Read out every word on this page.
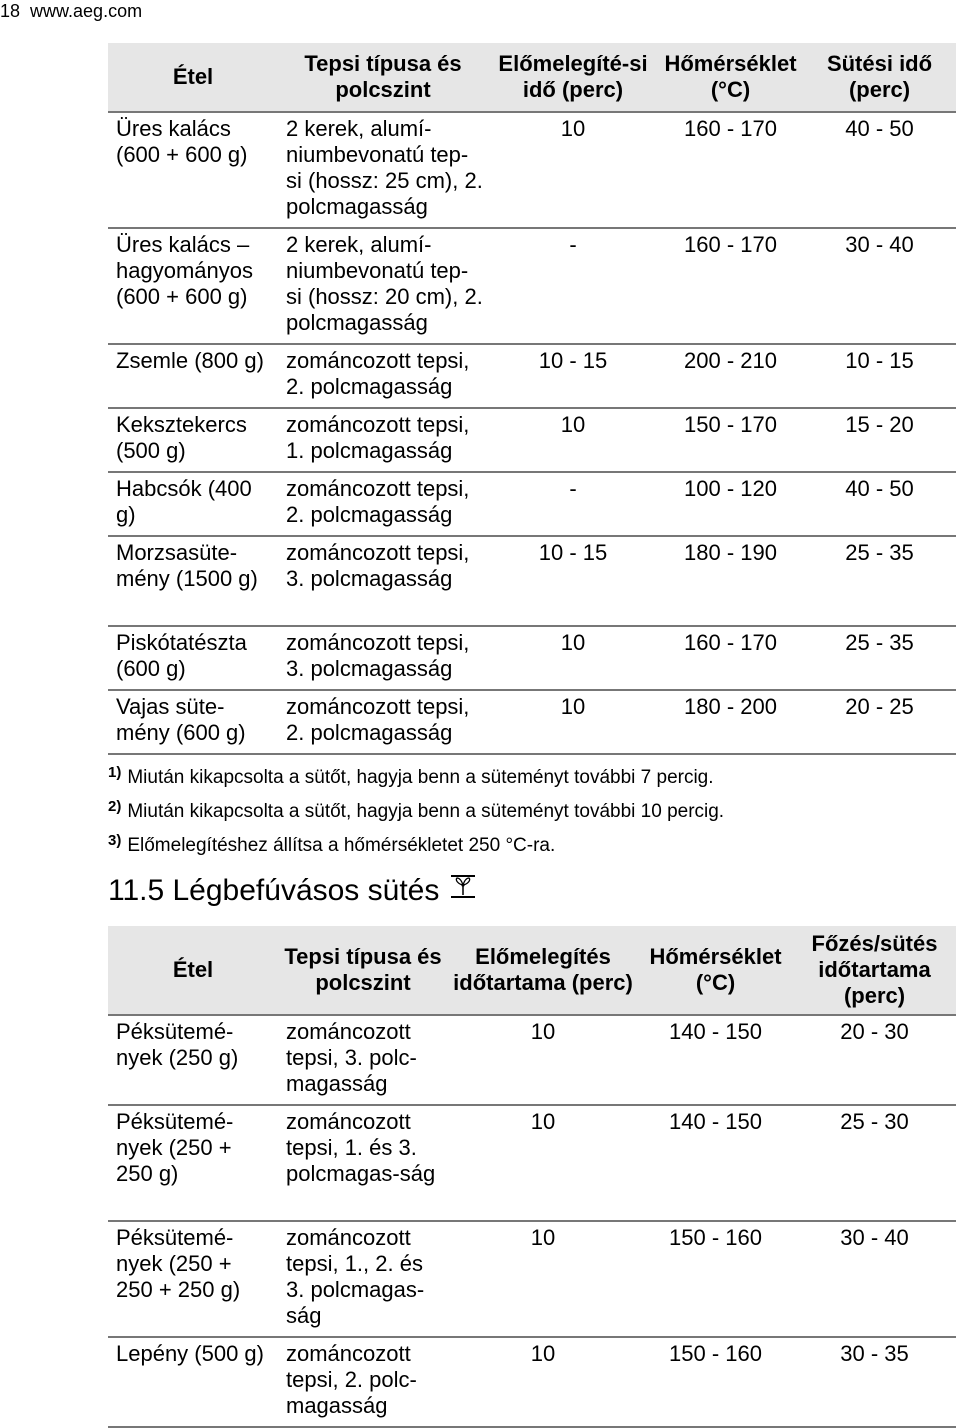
18 www.aeg.com
Étel	Tepsi típusa és polcszint	Előmelegíté-si idő (perc)	Hőmérséklet (°C)	Sütési idő (perc)
Üres kalács (600 + 600 g)	2 kerek, alumí-niumbevonatú tep-si (hossz: 25 cm), 2. polcmagasság	10	160 - 170	40 - 50
Üres kalács – hagyományos (600 + 600 g)	2 kerek, alumí-niumbevonatú tep-si (hossz: 20 cm), 2. polcmagasság	-	160 - 170	30 - 40
Zsemle (800 g)	zománcozott tepsi, 2. polcmagasság	10 - 15	200 - 210	10 - 15
Keksztekercs (500 g)	zománcozott tepsi, 1. polcmagasság	10	150 - 170	15 - 20
Habcsók (400 g)	zománcozott tepsi, 2. polcmagasság	-	100 - 120	40 - 50
Morzsasüte-mény (1500 g)	zománcozott tepsi, 3. polcmagasság	10 - 15	180 - 190	25 - 35
Piskótatészta (600 g)	zománcozott tepsi, 3. polcmagasság	10	160 - 170	25 - 35
Vajas süte-mény (600 g)	zománcozott tepsi, 2. polcmagasság	10	180 - 200	20 - 25
$^{1)}$ Miután kikapcsolta a sütőt, hagyja benn a süteményt további 7 percig.
$^{2)}$ Miután kikapcsolta a sütőt, hagyja benn a süteményt további 10 percig.
$^{3)}$ Előmelegítéshez állítsa a hőmérsékletet 250 °C-ra.
11.5 Légbefúvásos sütés
Étel	Tepsi típusa és polcszint	Előmelegítés időtartama (perc)	Hőmérséklet (°C)	Főzés/sütés időtartama (perc)
Péksütemé-nyek (250 g)	zománcozott tepsi, 3. polc-magasság	10	140 - 150	20 - 30
Péksütemé-nyek (250 + 250 g)	zománcozott tepsi, 1. és 3. polcmagas-ság	10	140 - 150	25 - 30
Péksütemé-nyek (250 + 250 + 250 g)	zománcozott tepsi, 1., 2. és 3. polcmagas-ság	10	150 - 160	30 - 40
Lepény (500 g)	zománcozott tepsi, 2. polc-magasság	10	150 - 160	30 - 35
